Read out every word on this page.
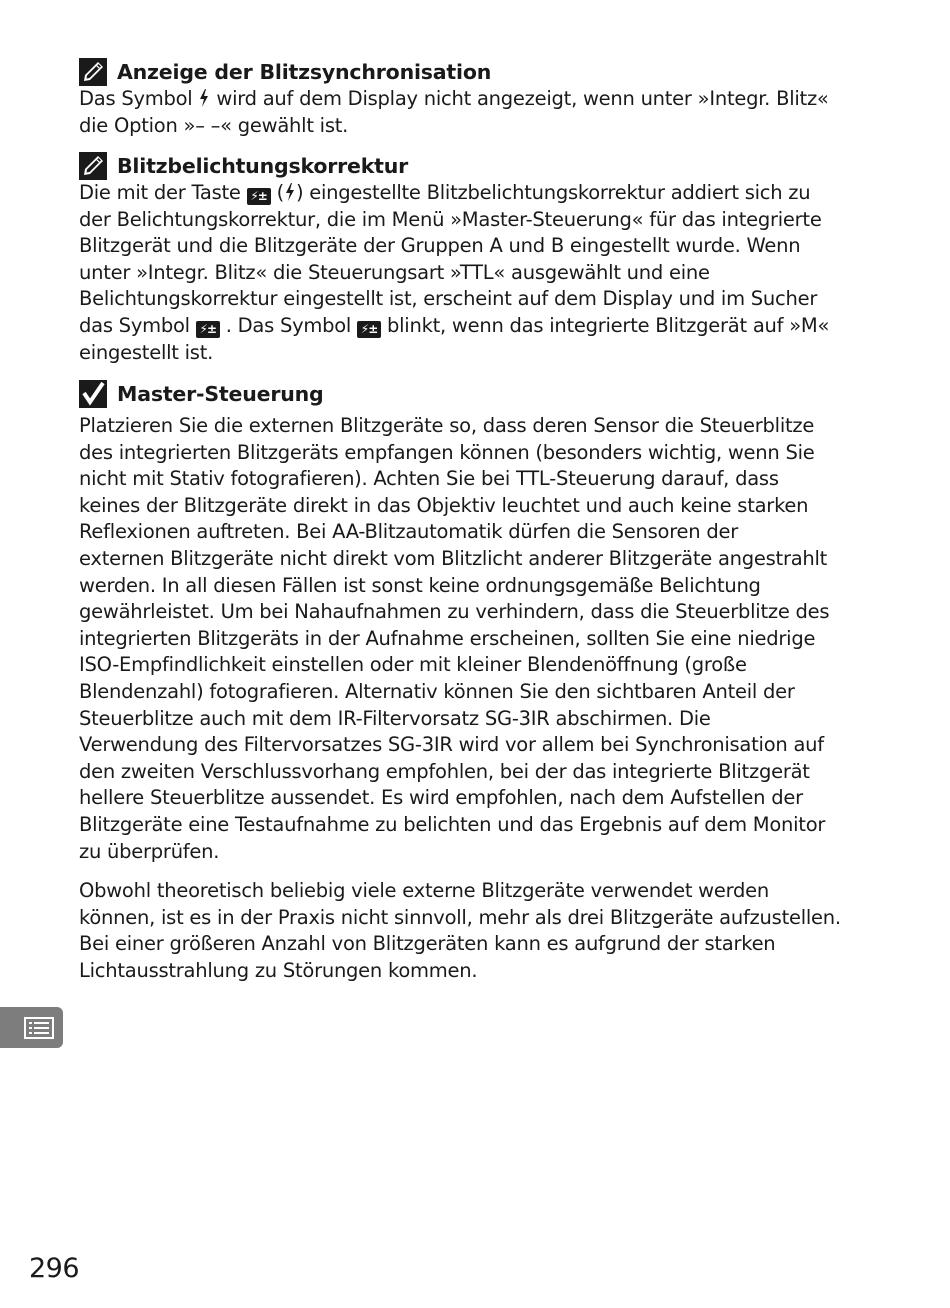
Anzeige der Blitzsynchronisation

Das Symbol  wird auf dem Display nicht angezeigt, wenn unter »Integr. Blitz«
die Option »– –« gewählt ist.

Blitzbelichtungskorrektur

Die mit der Taste ⚡± ( ) eingestellte Blitzbelichtungskorrektur addiert sich zu
der Belichtungskorrektur, die im Menü »Master-Steuerung« für das integrierte
Blitzgerät und die Blitzgeräte der Gruppen A und B eingestellt wurde. Wenn
unter »Integr. Blitz« die Steuerungsart »TTL« ausgewählt und eine
Belichtungskorrektur eingestellt ist, erscheint auf dem Display und im Sucher
das Symbol ⚡± . Das Symbol ⚡± blinkt, wenn das integrierte Blitzgerät auf »M«
eingestellt ist.

Master-Steuerung

Platzieren Sie die externen Blitzgeräte so, dass deren Sensor die Steuerblitze
des integrierten Blitzgeräts empfangen können (besonders wichtig, wenn Sie
nicht mit Stativ fotografieren). Achten Sie bei TTL-Steuerung darauf, dass
keines der Blitzgeräte direkt in das Objektiv leuchtet und auch keine starken
Reflexionen auftreten. Bei AA-Blitzautomatik dürfen die Sensoren der
externen Blitzgeräte nicht direkt vom Blitzlicht anderer Blitzgeräte angestrahlt
werden. In all diesen Fällen ist sonst keine ordnungsgemäße Belichtung
gewährleistet. Um bei Nahaufnahmen zu verhindern, dass die Steuerblitze des
integrierten Blitzgeräts in der Aufnahme erscheinen, sollten Sie eine niedrige
ISO-Empfindlichkeit einstellen oder mit kleiner Blendenöffnung (große
Blendenzahl) fotografieren. Alternativ können Sie den sichtbaren Anteil der
Steuerblitze auch mit dem IR-Filtervorsatz SG-3IR abschirmen. Die
Verwendung des Filtervorsatzes SG-3IR wird vor allem bei Synchronisation auf
den zweiten Verschlussvorhang empfohlen, bei der das integrierte Blitzgerät
hellere Steuerblitze aussendet. Es wird empfohlen, nach dem Aufstellen der
Blitzgeräte eine Testaufnahme zu belichten und das Ergebnis auf dem Monitor
zu überprüfen.

Obwohl theoretisch beliebig viele externe Blitzgeräte verwendet werden
können, ist es in der Praxis nicht sinnvoll, mehr als drei Blitzgeräte aufzustellen.
Bei einer größeren Anzahl von Blitzgeräten kann es aufgrund der starken
Lichtausstrahlung zu Störungen kommen.

296
